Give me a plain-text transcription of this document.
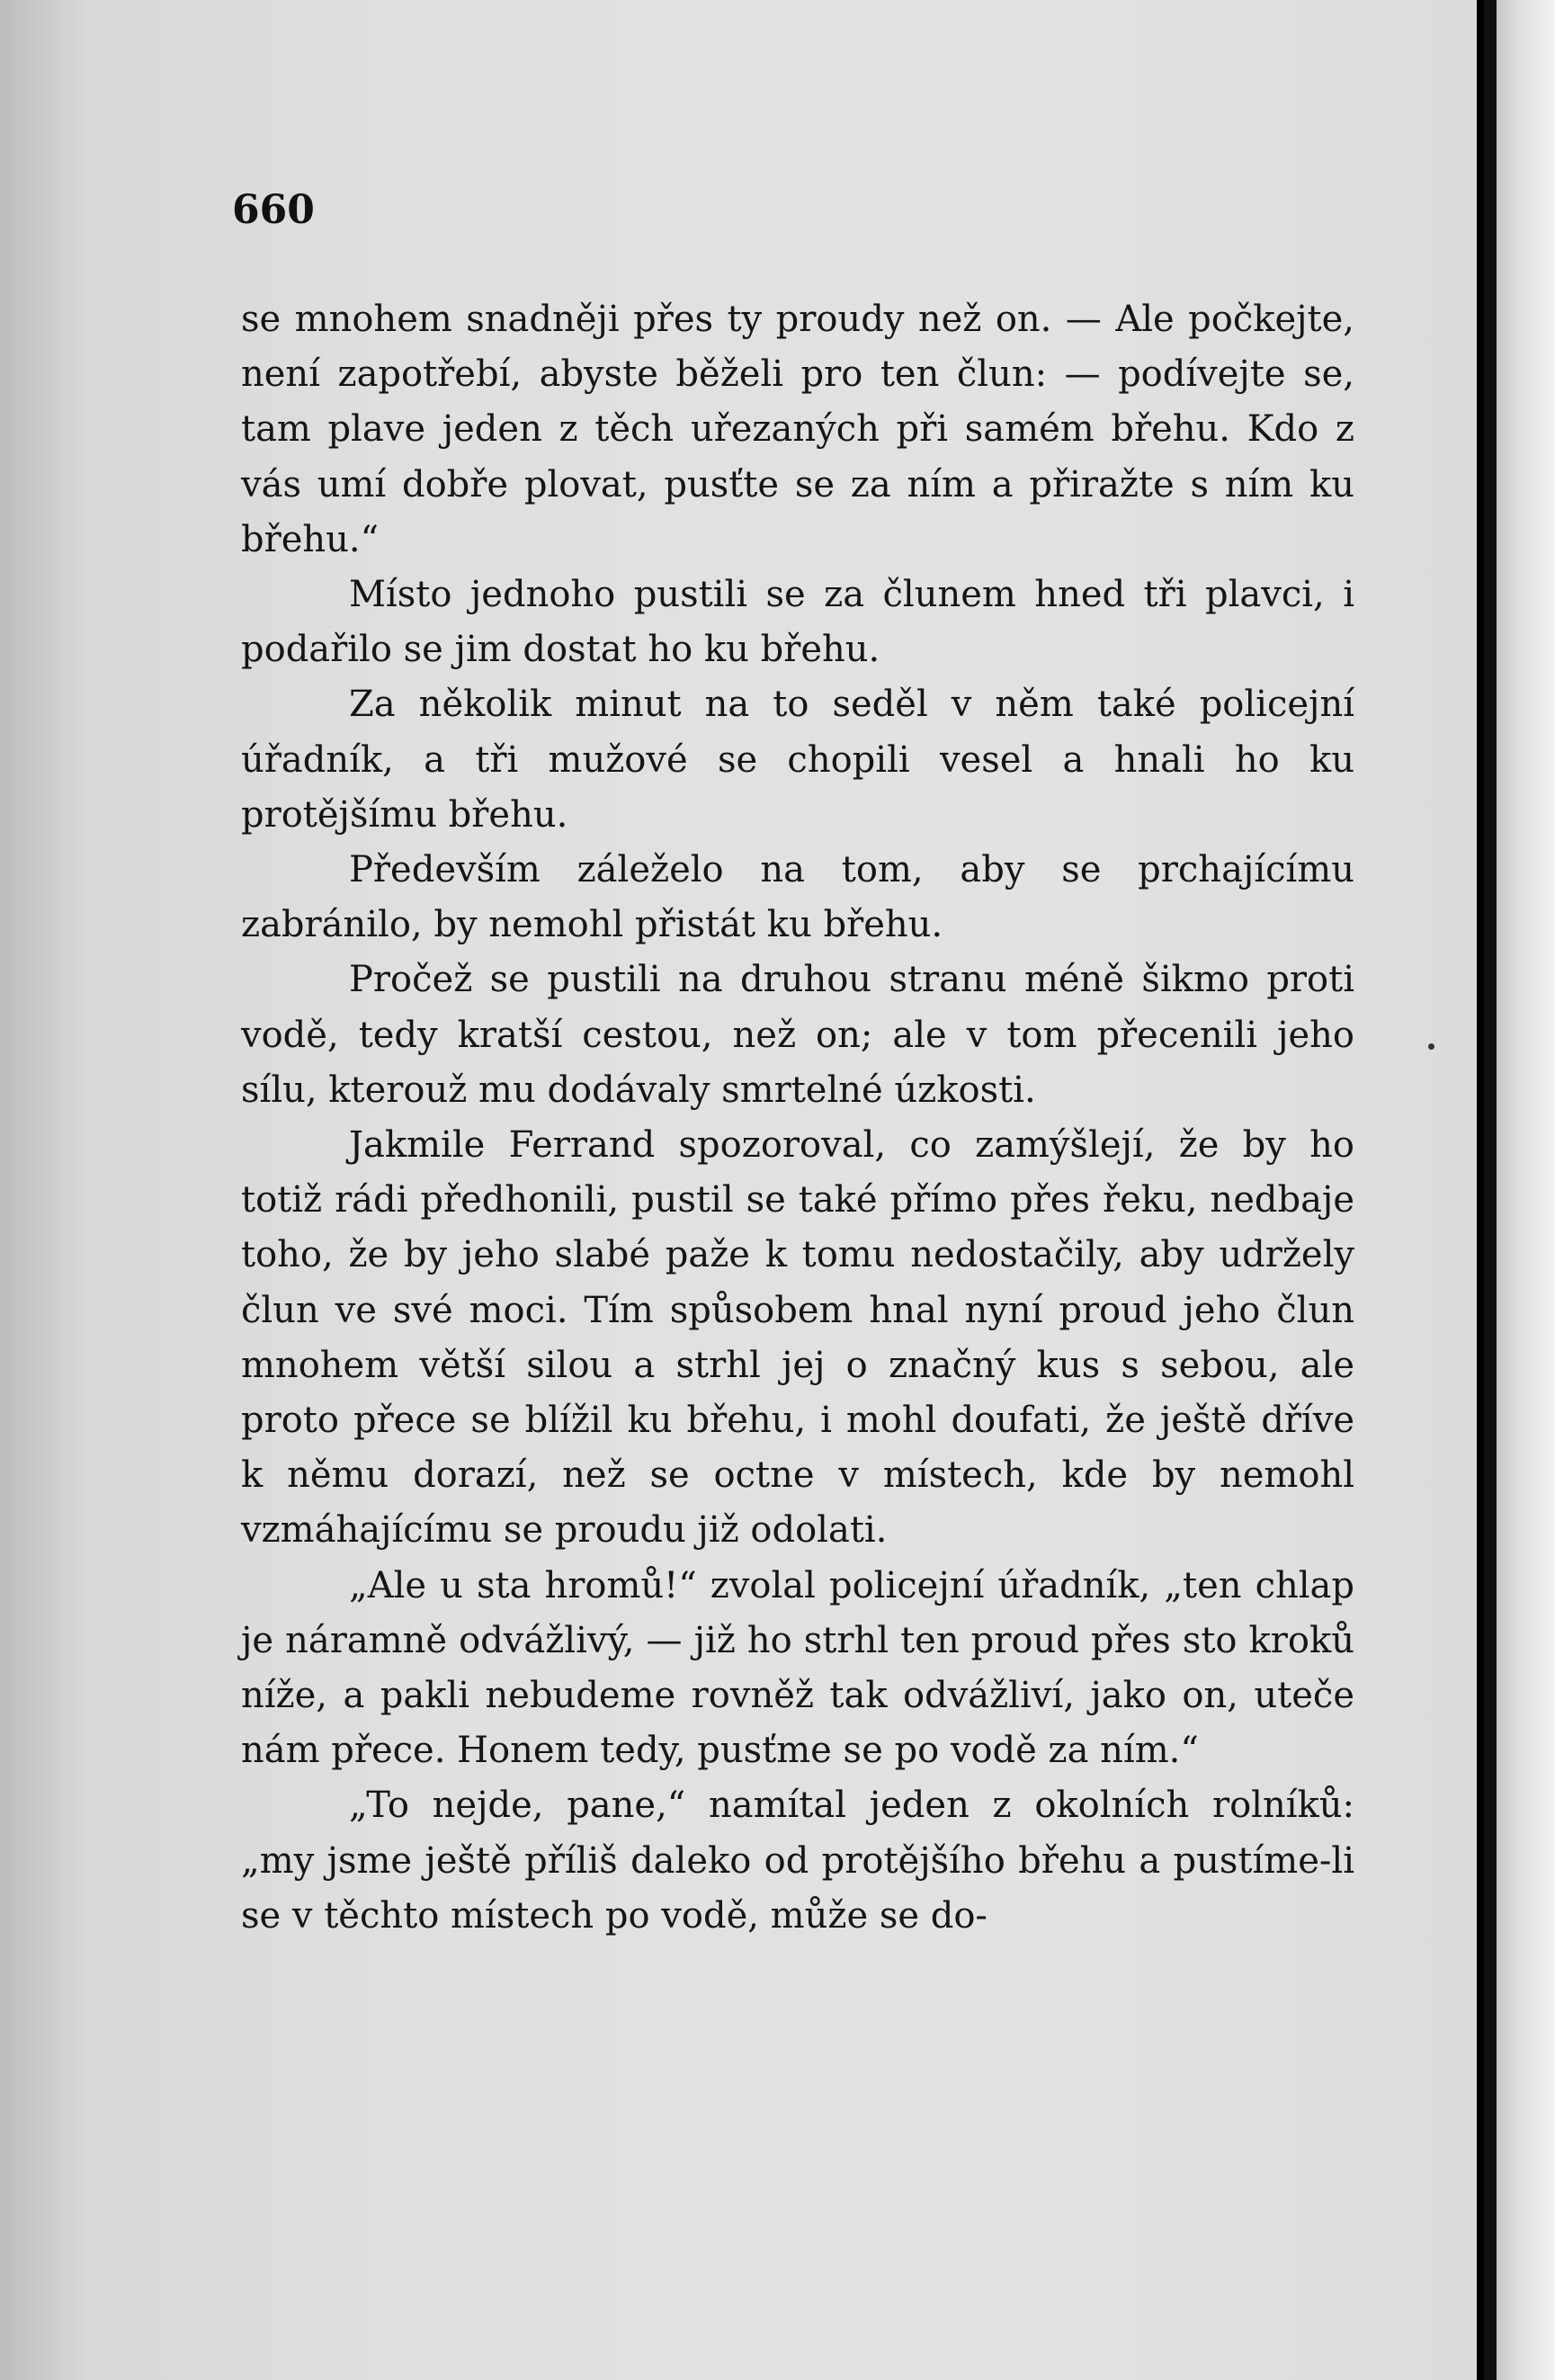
660

se mnohem snadněji přes ty proudy než on. — Ale počkejte, není zapotřebí, abyste běželi pro ten člun: — podívejte se, tam plave jeden z těch uřezaných při samém břehu. Kdo z vás umí dobře plovat, pusťte se za ním a přiražte s ním ku břehu.“

Místo jednoho pustili se za člunem hned tři plavci, i podařilo se jim dostat ho ku břehu.

Za několik minut na to seděl v něm také policejní úřadník, a tři mužové se chopili vesel a hnali ho ku protějšímu břehu.

Především záleželo na tom, aby se prchajícímu zabránilo, by nemohl přistát ku břehu.

Pročež se pustili na druhou stranu méně šikmo proti vodě, tedy kratší cestou, než on; ale v tom přecenili jeho sílu, kterouž mu dodávaly smrtelné úzkosti.

Jakmile Ferrand spozoroval, co zamýšlejí, že by ho totiž rádi předhonili, pustil se také přímo přes řeku, nedbaje toho, že by jeho slabé paže k tomu nedostačily, aby udržely člun ve své moci. Tím spůsobem hnal nyní proud jeho člun mnohem větší silou a strhl jej o značný kus s sebou, ale proto přece se blížil ku břehu, i mohl doufati, že ještě dříve k němu dorazí, než se octne v místech, kde by nemohl vzmáhajícímu se proudu již odolati.

„Ale u sta hromů!“ zvolal policejní úřadník, „ten chlap je náramně odvážlivý, — již ho strhl ten proud přes sto kroků níže, a pakli nebudeme rovněž tak odvážliví, jako on, uteče nám přece. Honem tedy, pusťme se po vodě za ním.“

„To nejde, pane,“ namítal jeden z okolních rolníků: „my jsme ještě příliš daleko od protějšího břehu a pustíme-li se v těchto místech po vodě, může se do-
